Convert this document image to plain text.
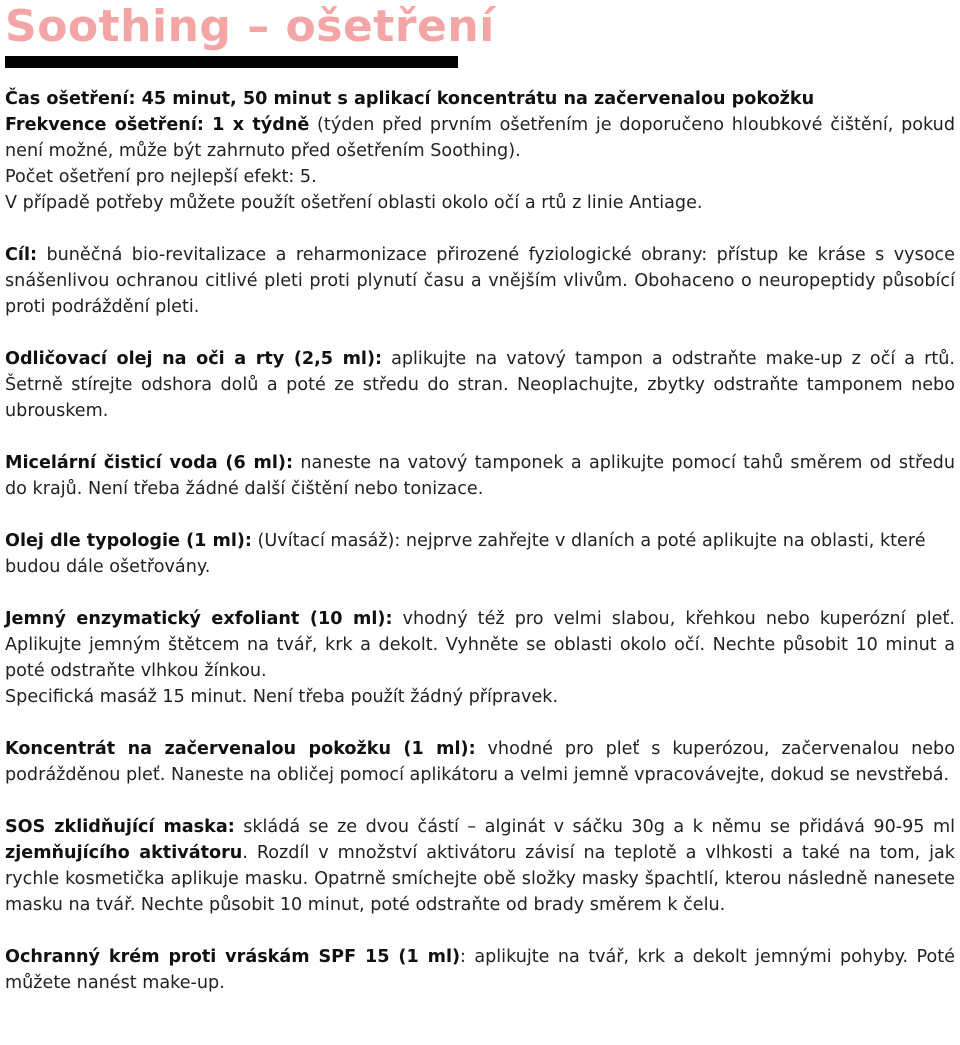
Soothing – ošetření

Čas ošetření: 45 minut, 50 minut s aplikací koncentrátu na začervenalou pokožku

Frekvence ošetření: 1 x týdně (týden před prvním ošetřením je doporučeno hloubkové čištění, pokud není možné, může být zahrnuto před ošetřením Soothing).

Počet ošetření pro nejlepší efekt: 5.

V případě potřeby můžete použít ošetření oblasti okolo očí a rtů z linie Antiage.

Cíl: buněčná bio-revitalizace a reharmonizace přirozené fyziologické obrany: přístup ke kráse s vysoce snášenlivou ochranou citlivé pleti proti plynutí času a vnějším vlivům. Obohaceno o neuropeptidy působící proti podráždění pleti.

Odličovací olej na oči a rty (2,5 ml): aplikujte na vatový tampon a odstraňte make-up z očí a rtů. Šetrně stírejte odshora dolů a poté ze středu do stran. Neoplachujte, zbytky odstraňte tamponem nebo ubrouskem.

Micelární čisticí voda (6 ml): naneste na vatový tamponek a aplikujte pomocí tahů směrem od středu do krajů. Není třeba žádné další čištění nebo tonizace.

Olej dle typologie (1 ml): (Uvítací masáž): nejprve zahřejte v dlaních a poté aplikujte na oblasti, které budou dále ošetřovány.

Jemný enzymatický exfoliant (10 ml): vhodný též pro velmi slabou, křehkou nebo kuperózní pleť. Aplikujte jemným štětcem na tvář, krk a dekolt. Vyhněte se oblasti okolo očí. Nechte působit 10 minut a poté odstraňte vlhkou žínkou.

Specifická masáž 15 minut. Není třeba použít žádný přípravek.

Koncentrát na začervenalou pokožku (1 ml): vhodné pro pleť s kuperózou, začervenalou nebo podrážděnou pleť. Naneste na obličej pomocí aplikátoru a velmi jemně vpracovávejte, dokud se nevstřebá.

SOS zklidňující maska: skládá se ze dvou částí – alginát v sáčku 30g a k němu se přidává 90-95 ml zjemňujícího aktivátoru. Rozdíl v množství aktivátoru závisí na teplotě a vlhkosti a také na tom, jak rychle kosmetička aplikuje masku. Opatrně smíchejte obě složky masky špachtlí, kterou následně nanesete masku na tvář. Nechte působit 10 minut, poté odstraňte od brady směrem k čelu.

Ochranný krém proti vráskám SPF 15 (1 ml): aplikujte na tvář, krk a dekolt jemnými pohyby. Poté můžete nanést make-up.
